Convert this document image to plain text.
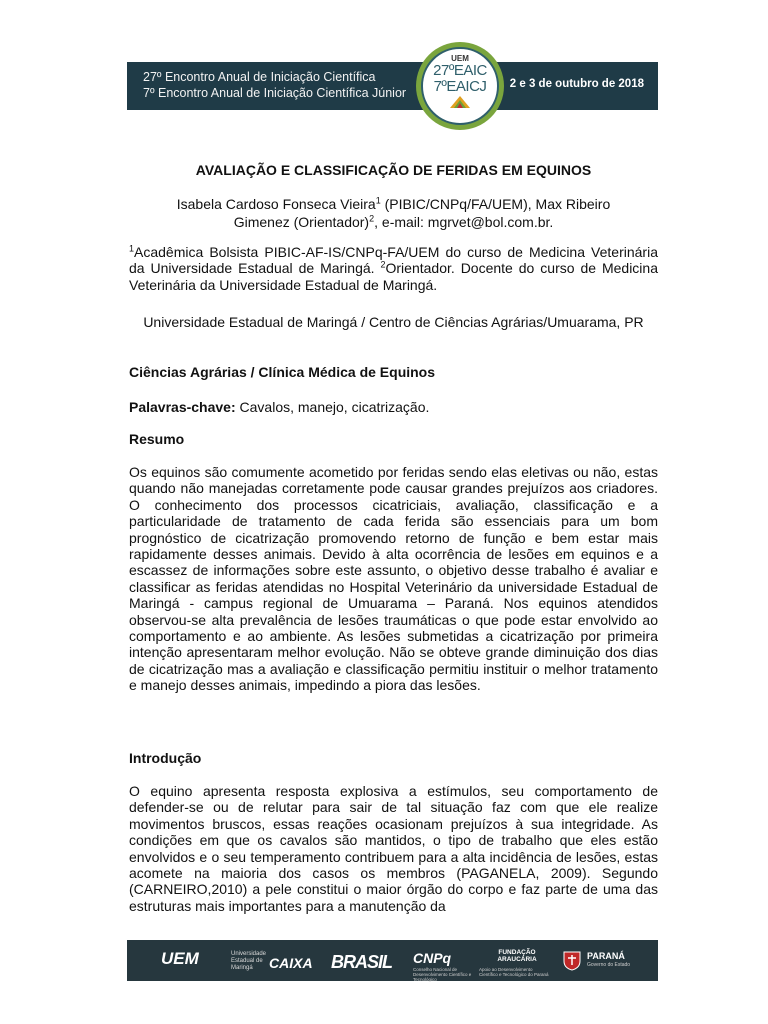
27º Encontro Anual de Iniciação Científica
7º Encontro Anual de Iniciação Científica Júnior
2 e 3 de outubro de 2018
UEM
27ºEAIC
7ºEAICJ

AVALIAÇÃO E CLASSIFICAÇÃO DE FERIDAS EM EQUINOS

Isabela Cardoso Fonseca Vieira$^1$ (PIBIC/CNPq/FA/UEM), Max Ribeiro
Gimenez (Orientador)$^2$, e-mail: mgrvet@bol.com.br.

$^1$Acadêmica Bolsista PIBIC-AF-IS/CNPq-FA/UEM do curso de Medicina Veterinária da Universidade Estadual de Maringá. $^2$Orientador. Docente do curso de Medicina Veterinária da Universidade Estadual de Maringá.

Universidade Estadual de Maringá / Centro de Ciências Agrárias/Umuarama, PR

Ciências Agrárias / Clínica Médica de Equinos

Palavras-chave: Cavalos, manejo, cicatrização.

Resumo

Os equinos são comumente acometido por feridas sendo elas eletivas ou não, estas quando não manejadas corretamente pode causar grandes prejuízos aos criadores. O conhecimento dos processos cicatriciais, avaliação, classificação e a particularidade de tratamento de cada ferida são essenciais para um bom prognóstico de cicatrização promovendo retorno de função e bem estar mais rapidamente desses animais. Devido à alta ocorrência de lesões em equinos e a escassez de informações sobre este assunto, o objetivo desse trabalho é avaliar e classificar as feridas atendidas no Hospital Veterinário da universidade Estadual de Maringá - campus regional de Umuarama – Paraná. Nos equinos atendidos observou-se alta prevalência de lesões traumáticas o que pode estar envolvido ao comportamento e ao ambiente. As lesões submetidas a cicatrização por primeira intenção apresentaram melhor evolução. Não se obteve grande diminuição dos dias de cicatrização mas a avaliação e classificação permitiu instituir o melhor tratamento e manejo desses animais, impedindo a piora das lesões.

Introdução

O equino apresenta resposta explosiva a estímulos, seu comportamento de defender-se ou de relutar para sair de tal situação faz com que ele realize movimentos bruscos, essas reações ocasionam prejuízos à sua integridade. As condições em que os cavalos são mantidos, o tipo de trabalho que eles estão envolvidos e o seu temperamento contribuem para a alta incidência de lesões, estas acomete na maioria dos casos os membros (PAGANELA, 2009). Segundo (CARNEIRO,2010) a pele constitui o maior órgão do corpo e faz parte de uma das estruturas mais importantes para a manutenção da

UEM	Universidade Estadual de Maringá	CAIXA BRASIL CNPq
Conselho Nacional de Desenvolvimento Científico e Tecnológico
FUNDAÇÃO ARAUCÁRIA
Apoio ao Desenvolvimento Científico e Tecnológico do Paraná
PARANÁ
Governo do Estado
